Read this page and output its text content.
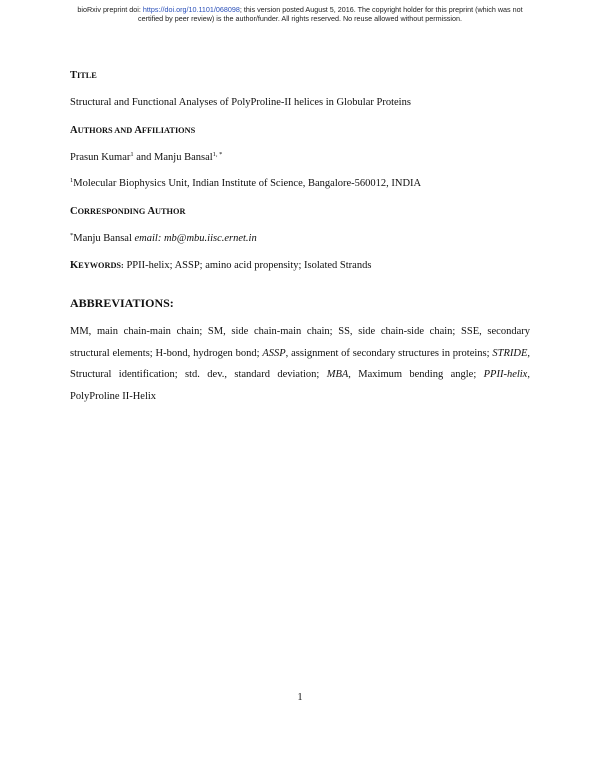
bioRxiv preprint doi: https://doi.org/10.1101/068098; this version posted August 5, 2016. The copyright holder for this preprint (which was not
certified by peer review) is the author/funder. All rights reserved. No reuse allowed without permission.
TITLE
Structural and Functional Analyses of PolyProline-II helices in Globular Proteins
AUTHORS AND AFFILIATIONS
Prasun Kumar$^1$ and Manju Bansal$^{1, *}$
$^1$Molecular Biophysics Unit, Indian Institute of Science, Bangalore-560012, INDIA
CORRESPONDING AUTHOR
*Manju Bansal email: mb@mbu.iisc.ernet.in
KEYWORDS: PPII-helix; ASSP; amino acid propensity; Isolated Strands
ABBREVIATIONS:
MM, main chain-main chain; SM, side chain-main chain; SS, side chain-side chain; SSE, secondary structural elements; H-bond, hydrogen bond; ASSP, assignment of secondary structures in proteins; STRIDE, Structural identification; std. dev., standard deviation; MBA, Maximum bending angle; PPII-helix, PolyProline II-Helix
1
